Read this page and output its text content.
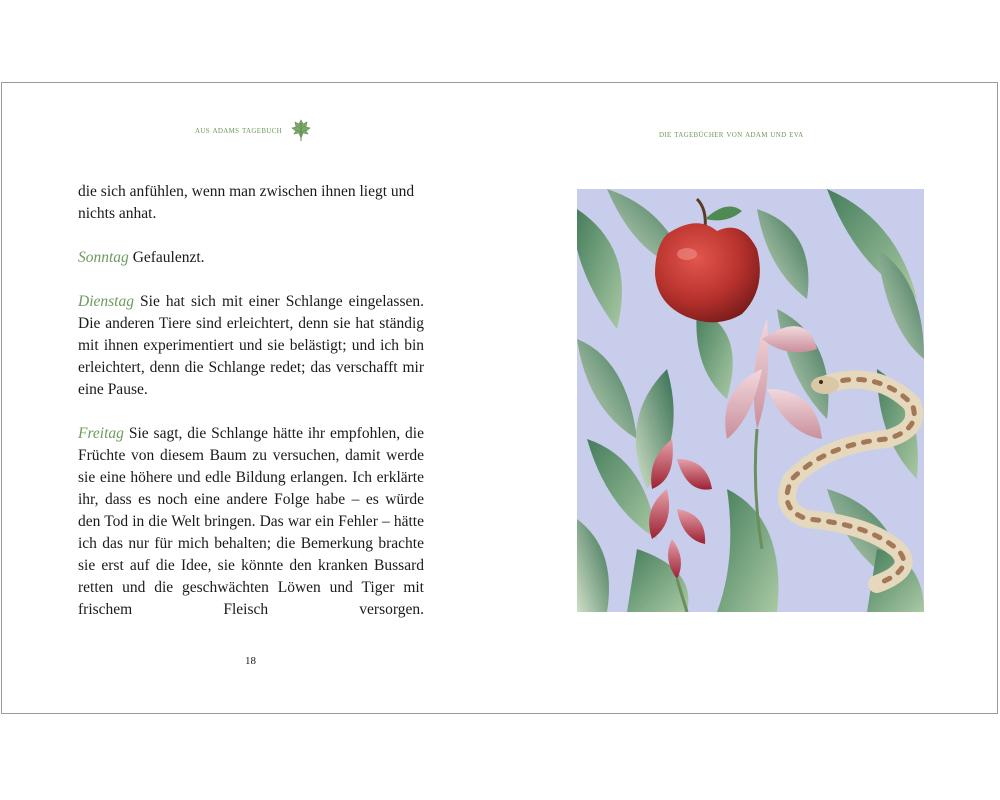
aus adams tagebuch	die tagebücher von adam und eva

die sich anfühlen, wenn man zwischen ihnen liegt und nichts anhat.

Sonntag Gefaulenzt.

Dienstag Sie hat sich mit einer Schlange eingelassen. Die anderen Tiere sind erleichtert, denn sie hat ständig mit ihnen experimentiert und sie belästigt; und ich bin erleichtert, denn die Schlange redet; das verschafft mir eine Pause.

Freitag Sie sagt, die Schlange hätte ihr empfohlen, die Früchte von diesem Baum zu versuchen, damit werde sie eine höhere und edle Bildung erlangen. Ich erklärte ihr, dass es noch eine andere Folge habe – es würde den Tod in die Welt bringen. Das war ein Fehler – hätte ich das nur für mich behalten; die Bemerkung brachte sie erst auf die Idee, sie könnte den kranken Bussard retten und die geschwächten Löwen und Tiger mit frischem Fleisch versorgen.

18
